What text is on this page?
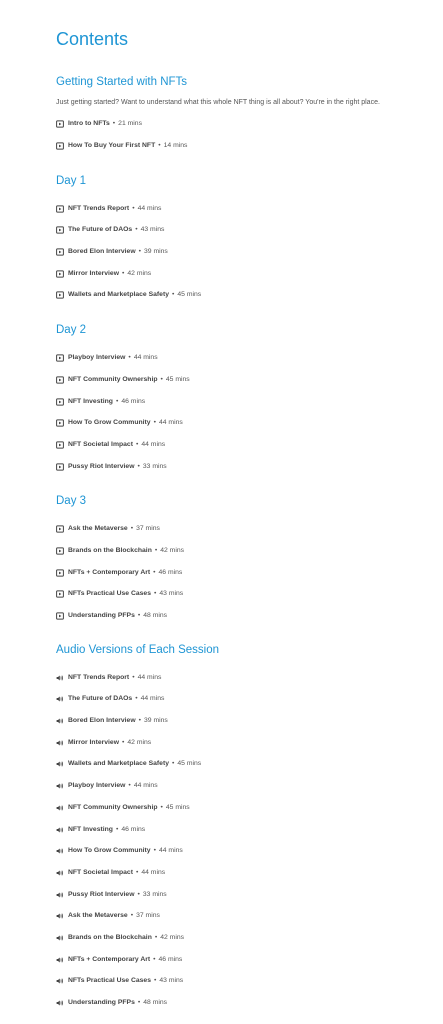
Contents
Getting Started with NFTs
Just getting started? Want to understand what this whole NFT thing is all about? You're in the right place.
Intro to NFTs • 21 mins
How To Buy Your First NFT • 14 mins
Day 1
NFT Trends Report • 44 mins
The Future of DAOs • 43 mins
Bored Elon Interview • 39 mins
Mirror Interview • 42 mins
Wallets and Marketplace Safety • 45 mins
Day 2
Playboy Interview • 44 mins
NFT Community Ownership • 45 mins
NFT Investing • 46 mins
How To Grow Community • 44 mins
NFT Societal Impact • 44 mins
Pussy Riot Interview • 33 mins
Day 3
Ask the Metaverse • 37 mins
Brands on the Blockchain • 42 mins
NFTs + Contemporary Art • 46 mins
NFTs Practical Use Cases • 43 mins
Understanding PFPs • 48 mins
Audio Versions of Each Session
NFT Trends Report • 44 mins
The Future of DAOs • 44 mins
Bored Elon Interview • 39 mins
Mirror Interview • 42 mins
Wallets and Marketplace Safety • 45 mins
Playboy Interview • 44 mins
NFT Community Ownership • 45 mins
NFT Investing • 46 mins
How To Grow Community • 44 mins
NFT Societal Impact • 44 mins
Pussy Riot Interview • 33 mins
Ask the Metaverse • 37 mins
Brands on the Blockchain • 42 mins
NFTs + Contemporary Art • 46 mins
NFTs Practical Use Cases • 43 mins
Understanding PFPs • 48 mins
